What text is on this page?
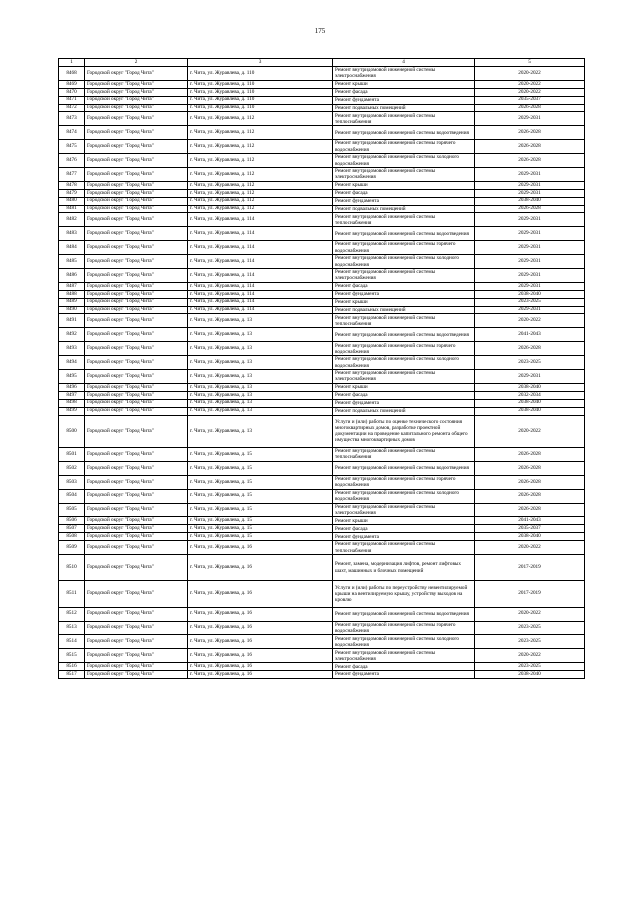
175
1	2	3	4	5
8468	Городской округ "Город Чита"	г. Чита, ул. Журавлева, д. 110	Ремонт внутридомовой инженерной системы электроснабжения	2020-2022
8469	Городской округ "Город Чита"	г. Чита, ул. Журавлева, д. 110	Ремонт крыши	2020-2022
8470	Городской округ "Город Чита"	г. Чита, ул. Журавлева, д. 110	Ремонт фасада	2020-2022
8471	Городской округ "Город Чита"	г. Чита, ул. Журавлева, д. 110	Ремонт фундамента	2035-2037
8472	Городской округ "Город Чита"	г. Чита, ул. Журавлева, д. 110	Ремонт подвальных помещений	2026-2028
8473	Городской округ "Город Чита"	г. Чита, ул. Журавлева, д. 112	Ремонт внутридомовой инженерной системы теплоснабжения	2029-2031
8474	Городской округ "Город Чита"	г. Чита, ул. Журавлева, д. 112	Ремонт внутридомовой инженерной системы водоотведения	2026-2028
8475	Городской округ "Город Чита"	г. Чита, ул. Журавлева, д. 112	Ремонт внутридомовой инженерной системы горячего водоснабжения	2026-2028
8476	Городской округ "Город Чита"	г. Чита, ул. Журавлева, д. 112	Ремонт внутридомовой инженерной системы холодного водоснабжения	2026-2028
8477	Городской округ "Город Чита"	г. Чита, ул. Журавлева, д. 112	Ремонт внутридомовой инженерной системы электроснабжения	2029-2031
8478	Городской округ "Город Чита"	г. Чита, ул. Журавлева, д. 112	Ремонт крыши	2029-2031
8479	Городской округ "Город Чита"	г. Чита, ул. Журавлева, д. 112	Ремонт фасада	2029-2031
8480	Городской округ "Город Чита"	г. Чита, ул. Журавлева, д. 112	Ремонт фундамента	2038-2040
8481	Городской округ "Город Чита"	г. Чита, ул. Журавлева, д. 112	Ремонт подвальных помещений	2026-2028
8482	Городской округ "Город Чита"	г. Чита, ул. Журавлева, д. 114	Ремонт внутридомовой инженерной системы теплоснабжения	2029-2031
8483	Городской округ "Город Чита"	г. Чита, ул. Журавлева, д. 114	Ремонт внутридомовой инженерной системы водоотведения	2029-2031
8484	Городской округ "Город Чита"	г. Чита, ул. Журавлева, д. 114	Ремонт внутридомовой инженерной системы горячего водоснабжения	2029-2031
8485	Городской округ "Город Чита"	г. Чита, ул. Журавлева, д. 114	Ремонт внутридомовой инженерной системы холодного водоснабжения	2029-2031
8486	Городской округ "Город Чита"	г. Чита, ул. Журавлева, д. 114	Ремонт внутридомовой инженерной системы электроснабжения	2029-2031
8487	Городской округ "Город Чита"	г. Чита, ул. Журавлева, д. 114	Ремонт фасада	2029-2031
8488	Городской округ "Город Чита"	г. Чита, ул. Журавлева, д. 114	Ремонт фундамента	2038-2040
8489	Городской округ "Город Чита"	г. Чита, ул. Журавлева, д. 114	Ремонт крыши	2023-2025
8490	Городской округ "Город Чита"	г. Чита, ул. Журавлева, д. 114	Ремонт подвальных помещений	2029-2031
8491	Городской округ "Город Чита"	г. Чита, ул. Журавлева, д. 13	Ремонт внутридомовой инженерной системы теплоснабжения	2020-2022
8492	Городской округ "Город Чита"	г. Чита, ул. Журавлева, д. 13	Ремонт внутридомовой инженерной системы водоотведения	2041-2043
8493	Городской округ "Город Чита"	г. Чита, ул. Журавлева, д. 13	Ремонт внутридомовой инженерной системы горячего водоснабжения	2026-2028
8494	Городской округ "Город Чита"	г. Чита, ул. Журавлева, д. 13	Ремонт внутридомовой инженерной системы холодного водоснабжения	2023-2025
8495	Городской округ "Город Чита"	г. Чита, ул. Журавлева, д. 13	Ремонт внутридомовой инженерной системы электроснабжения	2029-2031
8496	Городской округ "Город Чита"	г. Чита, ул. Журавлева, д. 13	Ремонт крыши	2038-2040
8497	Городской округ "Город Чита"	г. Чита, ул. Журавлева, д. 13	Ремонт фасада	2032-2034
8498	Городской округ "Город Чита"	г. Чита, ул. Журавлева, д. 13	Ремонт фундамента	2038-2040
8499	Городской округ "Город Чита"	г. Чита, ул. Журавлева, д. 13	Ремонт подвальных помещений	2038-2040
8500	Городской округ "Город Чита"	г. Чита, ул. Журавлева, д. 13	Услуги и (или) работы по оценке технического состояния многоквартирных домов, разработке проектной документации на проведение капитального ремонта общего имущества многоквартирных домов	2020-2022
8501	Городской округ "Город Чита"	г. Чита, ул. Журавлева, д. 15	Ремонт внутридомовой инженерной системы теплоснабжения	2026-2028
8502	Городской округ "Город Чита"	г. Чита, ул. Журавлева, д. 15	Ремонт внутридомовой инженерной системы водоотведения	2026-2028
8503	Городской округ "Город Чита"	г. Чита, ул. Журавлева, д. 15	Ремонт внутридомовой инженерной системы горячего водоснабжения	2026-2028
8504	Городской округ "Город Чита"	г. Чита, ул. Журавлева, д. 15	Ремонт внутридомовой инженерной системы холодного водоснабжения	2026-2028
8505	Городской округ "Город Чита"	г. Чита, ул. Журавлева, д. 15	Ремонт внутридомовой инженерной системы электроснабжения	2026-2028
8506	Городской округ "Город Чита"	г. Чита, ул. Журавлева, д. 15	Ремонт крыши	2041-2043
8507	Городской округ "Город Чита"	г. Чита, ул. Журавлева, д. 15	Ремонт фасада	2035-2037
8508	Городской округ "Город Чита"	г. Чита, ул. Журавлева, д. 15	Ремонт фундамента	2038-2040
8509	Городской округ "Город Чита"	г. Чита, ул. Журавлева, д. 16	Ремонт внутридомовой инженерной системы теплоснабжения	2020-2022
8510	Городской округ "Город Чита"	г. Чита, ул. Журавлева, д. 16	Ремонт, замена, модернизация лифтов, ремонт лифтовых шахт, машинных и блочных помещений	2017-2019
8511	Городской округ "Город Чита"	г. Чита, ул. Журавлева, д. 16	Услуги и (или) работы по переустройству невентилируемой крыши на вентилируемую крышу, устройству выходов на кровлю	2017-2019
8512	Городской округ "Город Чита"	г. Чита, ул. Журавлева, д. 16	Ремонт внутридомовой инженерной системы водоотведения	2020-2022
8513	Городской округ "Город Чита"	г. Чита, ул. Журавлева, д. 16	Ремонт внутридомовой инженерной системы горячего водоснабжения	2023-2025
8514	Городской округ "Город Чита"	г. Чита, ул. Журавлева, д. 16	Ремонт внутридомовой инженерной системы холодного водоснабжения	2023-2025
8515	Городской округ "Город Чита"	г. Чита, ул. Журавлева, д. 16	Ремонт внутридомовой инженерной системы электроснабжения	2020-2022
8516	Городской округ "Город Чита"	г. Чита, ул. Журавлева, д. 16	Ремонт фасада	2023-2025
8517	Городской округ "Город Чита"	г. Чита, ул. Журавлева, д. 16	Ремонт фундамента	2038-2040
